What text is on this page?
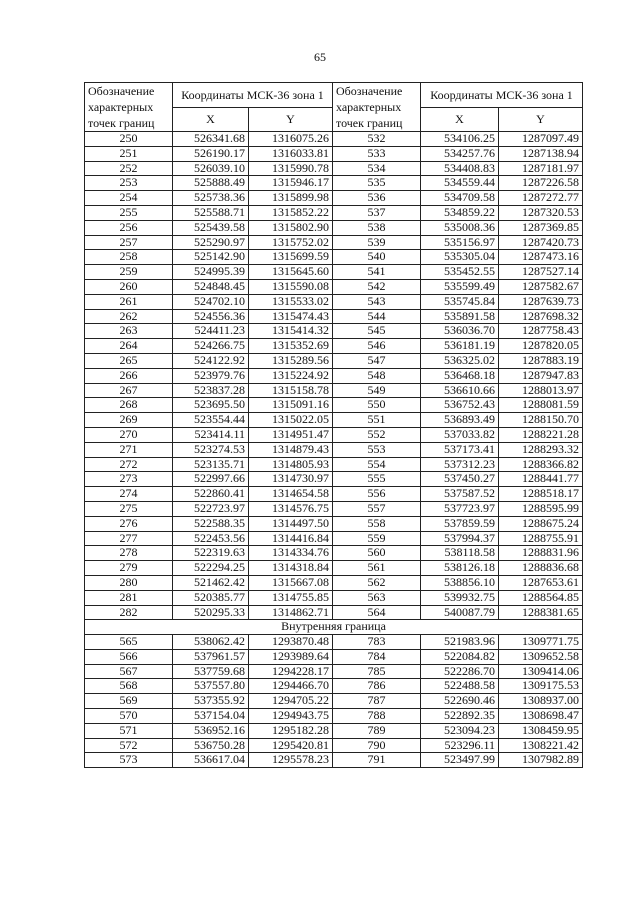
65
Обозначение характерных точек границ	Координаты МСК-36 зона 1		Обозначение характерных точек границ	Координаты МСК-36 зона 1	
	X	Y		X	Y
250	526341.68	1316075.26	532	534106.25	1287097.49
251	526190.17	1316033.81	533	534257.76	1287138.94
252	526039.10	1315990.78	534	534408.83	1287181.97
253	525888.49	1315946.17	535	534559.44	1287226.58
254	525738.36	1315899.98	536	534709.58	1287272.77
255	525588.71	1315852.22	537	534859.22	1287320.53
256	525439.58	1315802.90	538	535008.36	1287369.85
257	525290.97	1315752.02	539	535156.97	1287420.73
258	525142.90	1315699.59	540	535305.04	1287473.16
259	524995.39	1315645.60	541	535452.55	1287527.14
260	524848.45	1315590.08	542	535599.49	1287582.67
261	524702.10	1315533.02	543	535745.84	1287639.73
262	524556.36	1315474.43	544	535891.58	1287698.32
263	524411.23	1315414.32	545	536036.70	1287758.43
264	524266.75	1315352.69	546	536181.19	1287820.05
265	524122.92	1315289.56	547	536325.02	1287883.19
266	523979.76	1315224.92	548	536468.18	1287947.83
267	523837.28	1315158.78	549	536610.66	1288013.97
268	523695.50	1315091.16	550	536752.43	1288081.59
269	523554.44	1315022.05	551	536893.49	1288150.70
270	523414.11	1314951.47	552	537033.82	1288221.28
271	523274.53	1314879.43	553	537173.41	1288293.32
272	523135.71	1314805.93	554	537312.23	1288366.82
273	522997.66	1314730.97	555	537450.27	1288441.77
274	522860.41	1314654.58	556	537587.52	1288518.17
275	522723.97	1314576.75	557	537723.97	1288595.99
276	522588.35	1314497.50	558	537859.59	1288675.24
277	522453.56	1314416.84	559	537994.37	1288755.91
278	522319.63	1314334.76	560	538118.58	1288831.96
279	522294.25	1314318.84	561	538126.18	1288836.68
280	521462.42	1315667.08	562	538856.10	1287653.61
281	520385.77	1314755.85	563	539932.75	1288564.85
282	520295.33	1314862.71	564	540087.79	1288381.65
Внутренняя граница					
565	538062.42	1293870.48	783	521983.96	1309771.75
566	537961.57	1293989.64	784	522084.82	1309652.58
567	537759.68	1294228.17	785	522286.70	1309414.06
568	537557.80	1294466.70	786	522488.58	1309175.53
569	537355.92	1294705.22	787	522690.46	1308937.00
570	537154.04	1294943.75	788	522892.35	1308698.47
571	536952.16	1295182.28	789	523094.23	1308459.95
572	536750.28	1295420.81	790	523296.11	1308221.42
573	536617.04	1295578.23	791	523497.99	1307982.89
